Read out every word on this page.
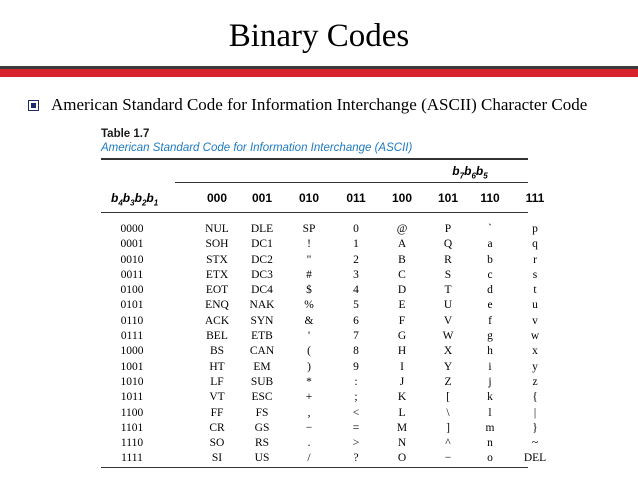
Binary Codes
American Standard Code for Information Interchange (ASCII) Character Code
Table 1.7
American Standard Code for Information Interchange (ASCII)
$b_7b_6b_5$
$b_4b_3b_2b_1$	000	001	010	011	100	101	110	111
0000	NUL	DLE	SP	0	@	P	`	p
0001	SOH	DC1	!	1	A	Q	a	q
0010	STX	DC2	"	2	B	R	b	r
0011	ETX	DC3	#	3	C	S	c	s
0100	EOT	DC4	$	4	D	T	d	t
0101	ENQ	NAK	%	5	E	U	e	u
0110	ACK	SYN	&	6	F	V	f	v
0111	BEL	ETB	'	7	G	W	g	w
1000	BS	CAN	(	8	H	X	h	x
1001	HT	EM	)	9	I	Y	i	y
1010	LF	SUB	*	:	J	Z	j	z
1011	VT	ESC	+	;	K	[	k	{
1100	FF	FS	,	<	L	\	l	|
1101	CR	GS	−	=	M	]	m	}
1110	SO	RS	.	>	N	^	n	~
1111	SI	US	/	?	O	−	o	DEL
